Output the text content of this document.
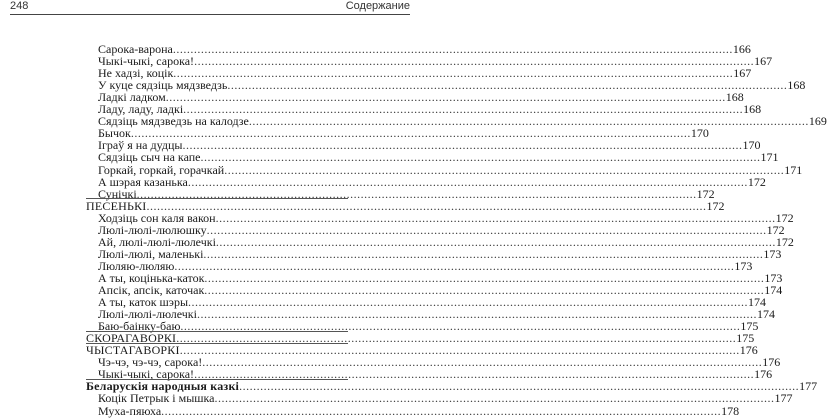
248	Содержание
Сарока-варона ................................................................................................................................................................ 166
Чыкі-чыкі, сарока! ................................................................................................................................................................ 167
Не хадзі, коцік ................................................................................................................................................................ 167
У куце сядзіць мядзведзь ................................................................................................................................................................ 168
Ладкі ладком ................................................................................................................................................................ 168
Ладу, ладу, ладкі ................................................................................................................................................................ 168
Сядзіць мядзведзь на калодзе ................................................................................................................................................................ 169
Бычок ................................................................................................................................................................ 170
Іграў я на дудцы ................................................................................................................................................................ 170
Сядзіць сыч на капе ................................................................................................................................................................ 171
Горкай, горкай, горачкай ................................................................................................................................................................ 171
А шэрая казанька ................................................................................................................................................................ 172
Сунічкі ................................................................................................................................................................ 172
ПЕСЕНЬКІ ................................................................................................................................................................ 172
Ходзіць сон каля вакон ................................................................................................................................................................ 172
Люлі-люлі-люлюшку ................................................................................................................................................................ 172
Ай, люлі-люлі-люлечкі ................................................................................................................................................................ 172
Люлі-люлі, маленькі ................................................................................................................................................................ 173
Люляю-люляю ................................................................................................................................................................ 173
А ты, коцінька-каток ................................................................................................................................................................ 173
Апсік, апсік, каточак ................................................................................................................................................................ 174
А ты, каток шэры ................................................................................................................................................................ 174
Люлі-люлі-люлечкі ................................................................................................................................................................ 174
Баю-баінку-баю ................................................................................................................................................................ 175
СКОРАГАВОРКІ ................................................................................................................................................................ 175
ЧЫСТАГАВОРКІ ................................................................................................................................................................ 176
Чэ-чэ, чэ-чэ, сарока! ................................................................................................................................................................ 176
Чыкі-чыкі, сарока! ................................................................................................................................................................ 176
Беларускія народныя казкі ................................................................................................................................................................ 177
Коцік Петрык і мышка ................................................................................................................................................................ 177
Муха-пяюха ................................................................................................................................................................ 178
